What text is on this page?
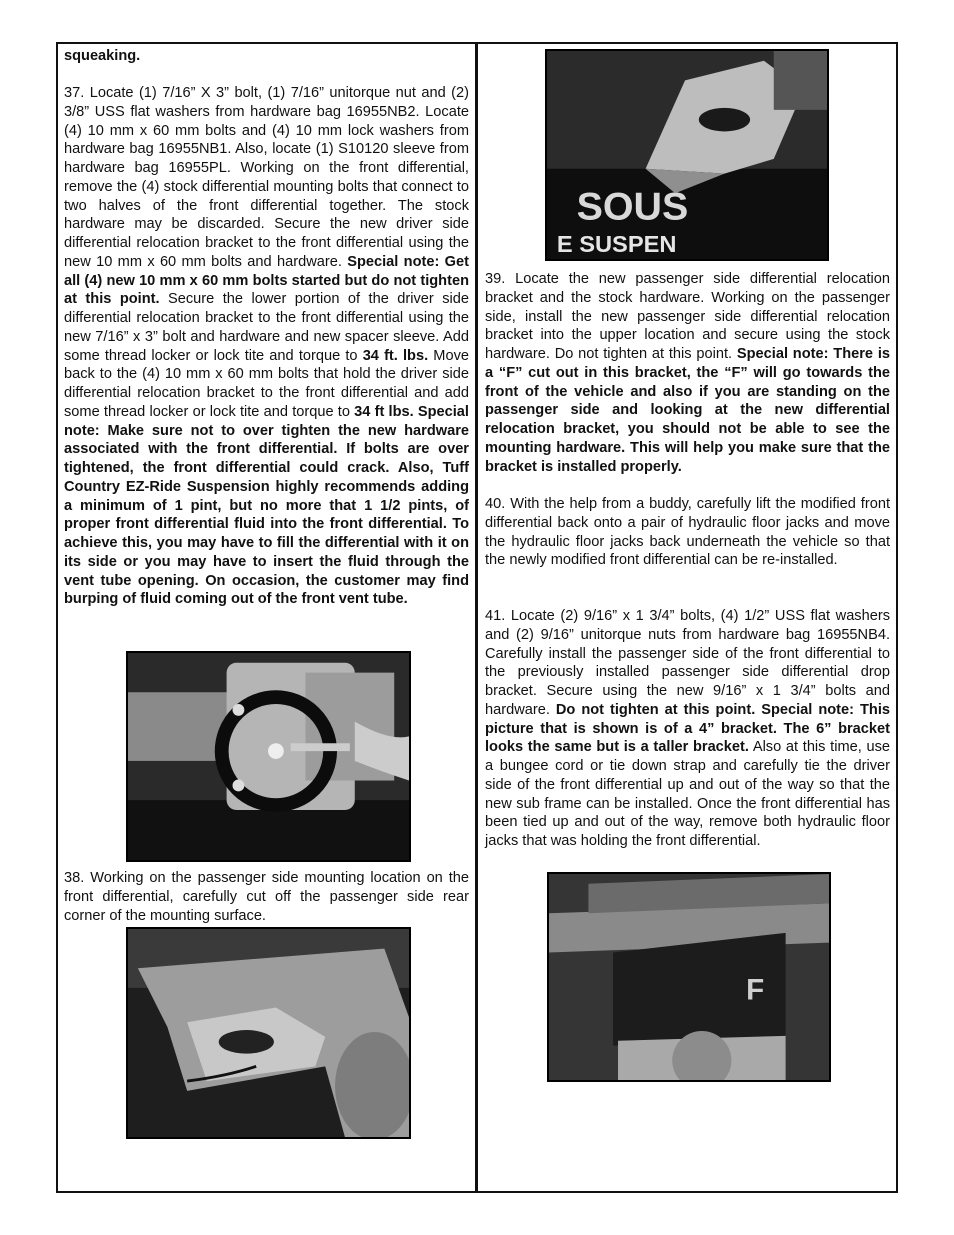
squeaking.

37. Locate (1) 7/16” X 3” bolt, (1) 7/16” unitorque nut and (2) 3/8” USS flat washers from hardware bag 16955NB2. Locate (4) 10 mm x 60 mm bolts and (4) 10 mm lock washers from hardware bag 16955NB1. Also, locate (1) S10120 sleeve from hardware bag 16955PL. Working on the front differential, remove the (4) stock differential mounting bolts that connect to two halves of the front differential together. The stock hardware may be discarded. Secure the new driver side differential relocation bracket to the front differential using the new 10 mm x 60 mm bolts and hardware. Special note: Get all (4) new 10 mm x 60 mm bolts started but do not tighten at this point. Secure the lower portion of the driver side differential relocation bracket to the front differential using the new 7/16” x 3” bolt and hardware and new spacer sleeve. Add some thread locker or lock tite and torque to 34 ft. lbs. Move back to the (4) 10 mm x 60 mm bolts that hold the driver side differential relocation bracket to the front differential and add some thread locker or lock tite and torque to 34 ft lbs. Special note: Make sure not to over tighten the new hardware associated with the front differential. If bolts are over tightened, the front differential could crack. Also, Tuff Country EZ-Ride Suspension highly recommends adding a minimum of 1 pint, but no more that 1 1/2 pints, of proper front differential fluid into the front differential. To achieve this, you may have to fill the differential with it on its side or you may have to insert the fluid through the vent tube opening. On occasion, the customer may find burping of fluid coming out of the front vent tube.

38. Working on the passenger side mounting location on the front differential, carefully cut off the passenger side rear corner of the mounting surface.

SOUS
E SUSPEN

39. Locate the new passenger side differential relocation bracket and the stock hardware. Working on the passenger side, install the new passenger side differential relocation bracket into the upper location and secure using the stock hardware. Do not tighten at this point. Special note: There is a “F” cut out in this bracket, the “F” will go towards the front of the vehicle and also if you are standing on the passenger side and looking at the new differential relocation bracket, you should not be able to see the mounting hardware. This will help you make sure that the bracket is installed properly.

40. With the help from a buddy, carefully lift the modified front differential back onto a pair of hydraulic floor jacks and move the hydraulic floor jacks back underneath the vehicle so that the newly modified front differential can be re-installed.

41. Locate (2) 9/16” x 1 3/4” bolts, (4) 1/2” USS flat washers and (2) 9/16” unitorque nuts from hardware bag 16955NB4. Carefully install the passenger side of the front differential to the previously installed passenger side differential drop bracket. Secure using the new 9/16” x 1 3/4” bolts and hardware. Do not tighten at this point. Special note: This picture that is shown is of a 4” bracket. The 6” bracket looks the same but is a taller bracket. Also at this time, use a bungee cord or tie down strap and carefully tie the driver side of the front differential up and out of the way so that the new sub frame can be installed. Once the front differential has been tied up and out of the way, remove both hydraulic floor jacks that was holding the front differential.

F
